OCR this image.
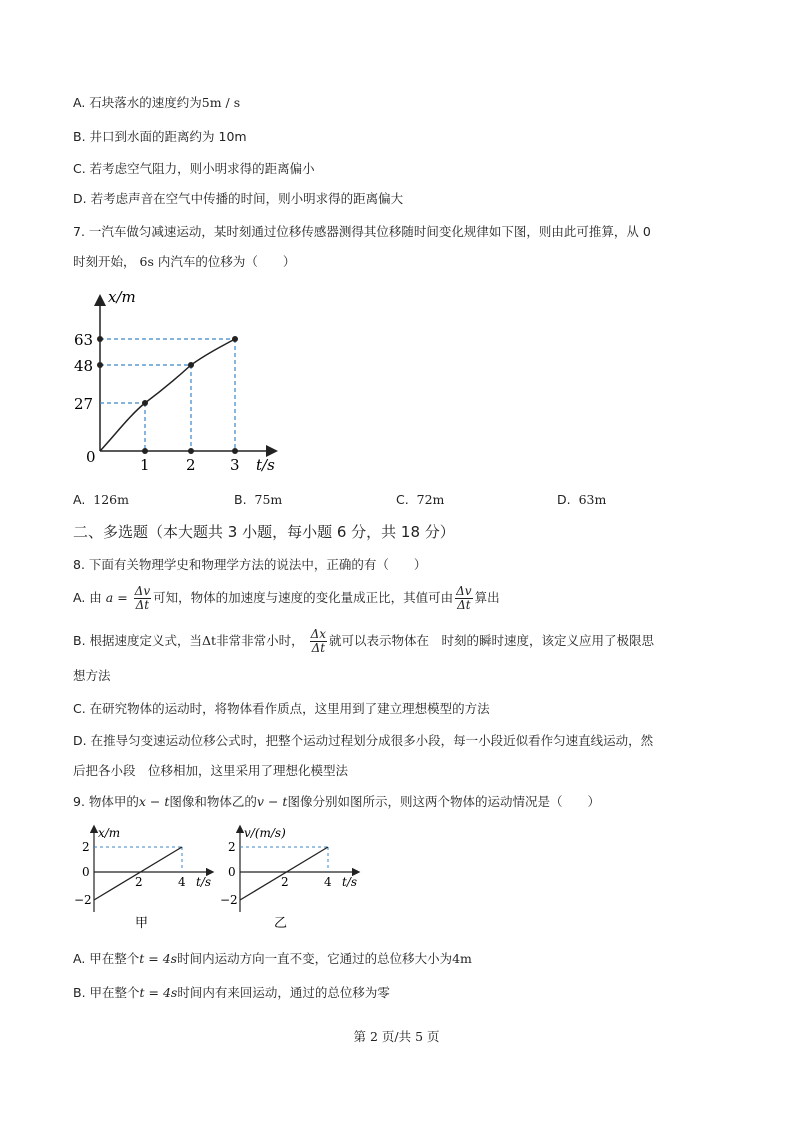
A. 石块落水的速度约为5m / s
B. 井口到水面的距离约为 10m
C. 若考虑空气阻力，则小明求得的距离偏小
D. 若考虑声音在空气中传播的时间，则小明求得的距离偏大
7. 一汽车做匀减速运动，某时刻通过位移传感器测得其位移随时间变化规律如下图，则由此可推算，从 0
时刻开始， 6s 内汽车的位移为（　　）
x/m
t/s
0
27
48
63
1 2 3
A. 126m	B. 75m	C. 72m	D. 63m
二、多选题（本大题共 3 小题，每小题 6 分，共 18 分）
8. 下面有关物理学史和物理学方法的说法中，正确的有（　　）
A. 由 $a = \frac{\Delta v}{\Delta t}$ 可知，物体的加速度与速度的变化量成正比，其值可由 $\frac{\Delta v}{\Delta t}$ 算出
B. 根据速度定义式，当Δt非常非常小时， $\frac{\Delta x}{\Delta t}$ 就可以表示物体在　时刻的瞬时速度，该定义应用了极限思
想方法
C. 在研究物体的运动时，将物体看作质点，这里用到了建立理想模型的方法
D. 在推导匀变速运动位移公式时，把整个运动过程划分成很多小段，每一小段近似看作匀速直线运动，然
后把各小段　位移相加，这里采用了理想化模型法
9. 物体甲的x − t图像和物体乙的v − t图像分别如图所示，则这两个物体的运动情况是（　　）
x/m
t/s
2
0
−2
2	4
甲
v/(m/s)
t/s
2
0
−2
2	4
乙
A. 甲在整个t = 4s时间内运动方向一直不变，它通过的总位移大小为4m
B. 甲在整个t = 4s时间内有来回运动，通过的总位移为零
第 2 页/共 5 页
